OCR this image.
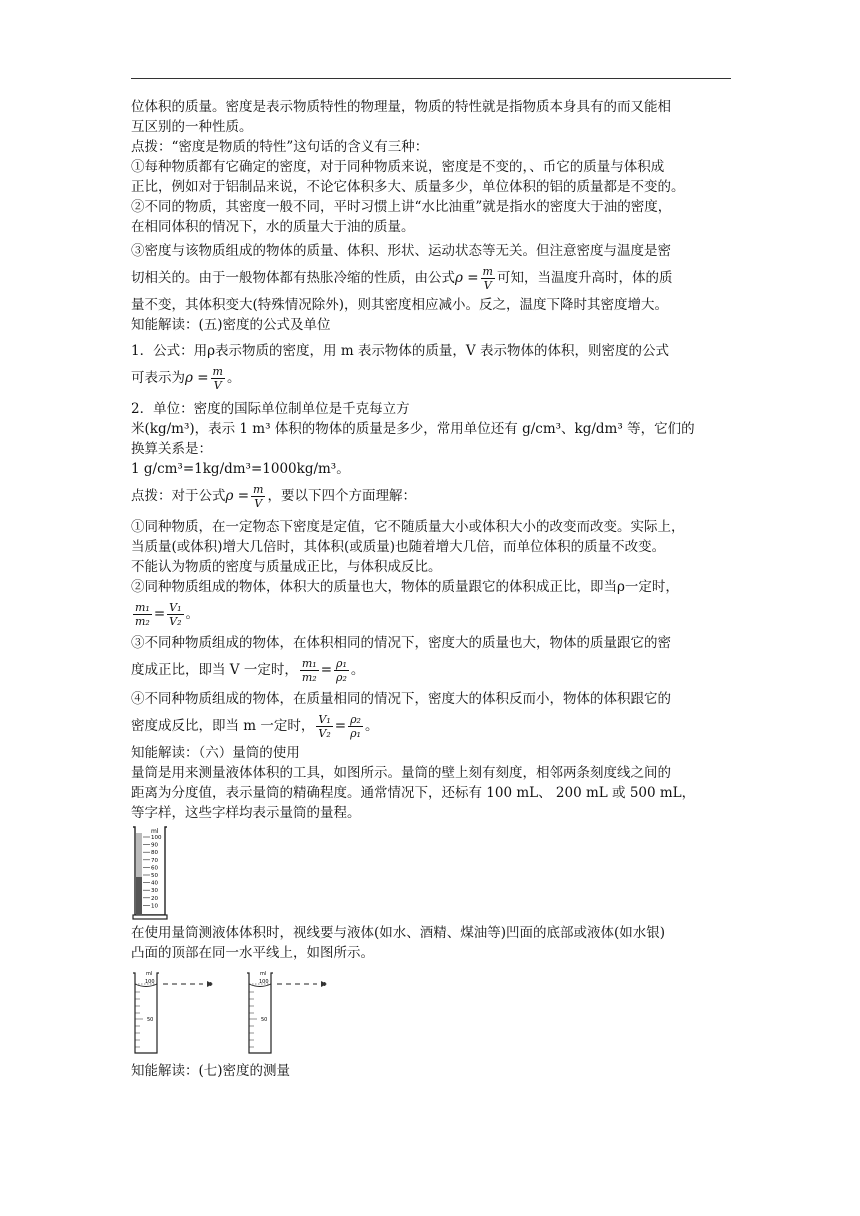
位体积的质量。密度是表示物质特性的物理量，物质的特性就是指物质本身具有的而又能相

互区别的一种性质。

点拨：“密度是物质的特性”这句话的含义有三种：

①每种物质都有它确定的密度，对于同种物质来说，密度是不变的，、币它的质量与体积成

正比，例如对于铝制品来说，不论它体积多大、质量多少，单位体积的铝的质量都是不变的。

②不同的物质，其密度一般不同，平时习惯上讲“水比油重”就是指水的密度大于油的密度，

在相同体积的情况下，水的质量大于油的质量。

③密度与该物质组成的物体的质量、体积、形状、运动状态等无关。但注意密度与温度是密

切相关的。由于一般物体都有热胀冷缩的性质，由公式$\rho = \frac{m}{V}$ 可知，当温度升高时，体的质

量不变，其体积变大(特殊情况除外)，则其密度相应减小。反之，温度下降时其密度增大。

知能解读：(五)密度的公式及单位

1．公式：用ρ表示物质的密度，用 m 表示物体的质量，V 表示物体的体积，则密度的公式

可表示为$\rho = \frac{m}{V}$ 。

2．单位：密度的国际单位制单位是千克每立方

米(kg/m³)，表示 1 m³ 体积的物体的质量是多少，常用单位还有 g/cm³、kg/dm³ 等，它们的

换算关系是：

1 g/cm³=1kg/dm³=1000kg/m³。

点拨：对于公式$\rho = \frac{m}{V}$ ，要以下四个方面理解：

①同种物质，在一定物态下密度是定值，它不随质量大小或体积大小的改变而改变。实际上，

当质量(或体积)增大几倍时，其体积(或质量)也随着增大几倍，而单位体积的质量不改变。

不能认为物质的密度与质量成正比，与体积成反比。

②同种物质组成的物体，体积大的质量也大，物体的质量跟它的体积成正比，即当ρ一定时，

$\frac{\text{m₁}}{\text{m₂}} = \frac{\text{V₁}}{\text{V₂}}$ 。

③不同种物质组成的物体，在体积相同的情况下，密度大的质量也大，物体的质量跟它的密

度成正比，即当 V 一定时， $\frac{\text{m₁}}{\text{m₂}} = \frac{\text{ρ₁}}{\text{ρ₂}}$ 。

④不同种物质组成的物体，在质量相同的情况下，密度大的体积反而小，物体的体积跟它的

密度成反比，即当 m 一定时， $\frac{\text{V₁}}{\text{V₂}} = \frac{\text{ρ₂}}{\text{ρ₁}}$ 。

知能解读：（六）量筒的使用

量筒是用来测量液体体积的工具，如图所示。量筒的壁上刻有刻度，相邻两条刻度线之间的

距离为分度值，表示量筒的精确程度。通常情况下，还标有 100 mL、 200 mL 或 500 mL，

等字样，这些字样均表示量筒的量程。

ml
100
90
80
70
60
50
40
30
20
10

在使用量筒测液体体积时，视线要与液体(如水、酒精、煤油等)凹面的底部或液体(如水银)

凸面的顶部在同一水平线上，如图所示。

ml
100
50
ml
100
50

知能解读：(七)密度的测量
